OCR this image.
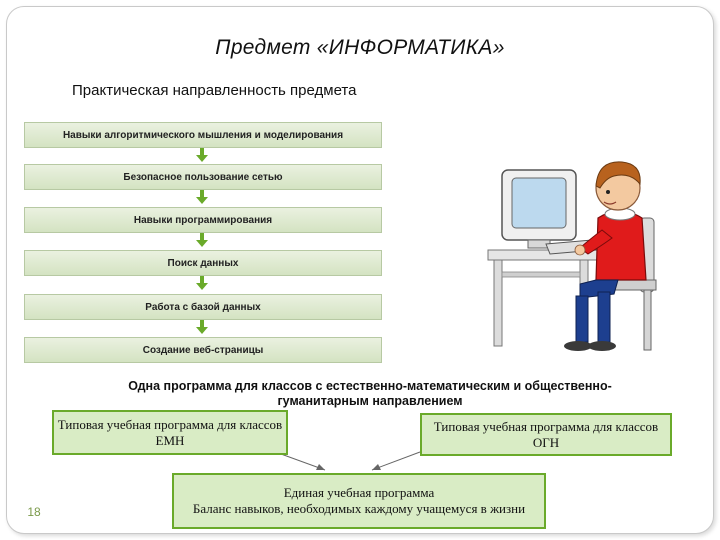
Предмет «ИНФОРМАТИКА»
Практическая направленность предмета
Навыки алгоритмического мышления и моделирования
Безопасное пользование сетью
Навыки программирования
Поиск данных
Работа с базой данных
Создание веб-страницы
Одна программа для классов с естественно-математическим и общественно-
гуманитарным направлением
Типовая учебная программа для классов ЕМН
Типовая учебная программа для классов ОГН
Единая учебная программа
Баланс навыков, необходимых каждому учащемуся в жизни
18
